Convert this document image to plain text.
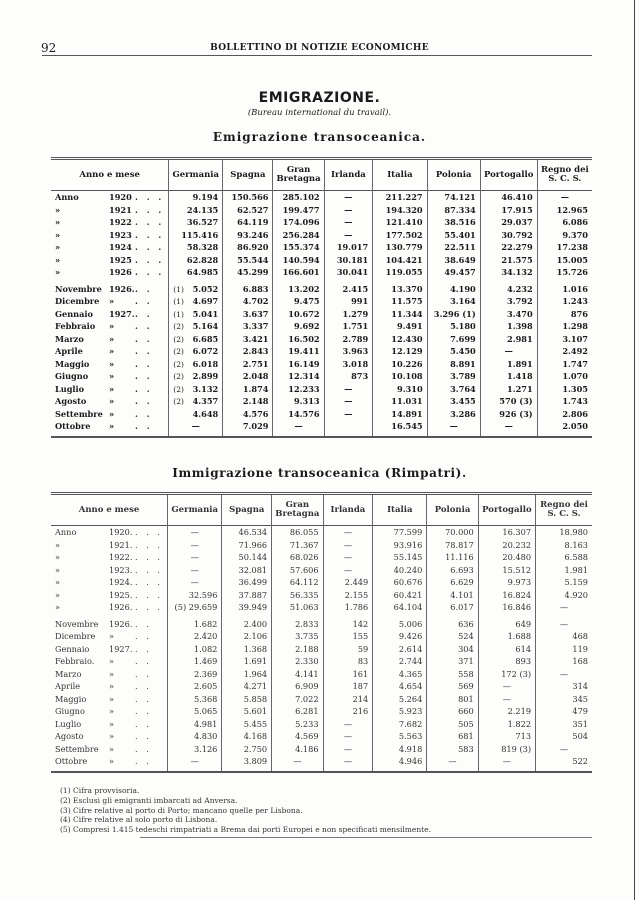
92	BOLLETTINO DI NOTIZIE ECONOMICHE
EMIGRAZIONE.
(Bureau international du travail).
Emigrazione transoceanica.
Anno e mese	Germania	Spagna	Gran Bretagna	Irlanda	Italia	Polonia	Portogallo	Regno dei S. C. S.
Anno 1920 . . .	9.194	150.566	285.102	—	211.227	74.121	46.410	—
» 1921 . . .	24.135	62.527	199.477	—	194.320	87.334	17.915	12.965
» 1922 . . .	36.527	64.119	174.096	—	121.410	38.516	29.037	6.086
» 1923 . . .	115.416	93.246	256.284	—	177.502	55.401	30.792	9.370
» 1924 . . .	58.328	86.920	155.374	19.017	130.779	22.511	22.279	17.238
» 1925 . . .	62.828	55.544	140.594	30.181	104.421	38.649	21.575	15.005
» 1926 . . .	64.985	45.299	166.601	30.041	119.055	49.457	34.132	15.726
Novembre 1926.. .	(1) 5.052	6.883	13.202	2.415	13.370	4.190	4.232	1.016
Dicembre » . .	(1) 4.697	4.702	9.475	991	11.575	3.164	3.792	1.243
Gennaio 1927.. .	(1) 5.041	3.637	10.672	1.279	11.344	3.296 (1)	3.470	876
Febbraio » . .	(2) 5.164	3.337	9.692	1.751	9.491	5.180	1.398	1.298
Marzo » . .	(2) 6.685	3.421	16.502	2.789	12.430	7.699	2.981	3.107
Aprile » . .	(2) 6.072	2.843	19.411	3.963	12.129	5.450	—	2.492
Maggio » . .	(2) 6.018	2.751	16.149	3.018	10.226	8.891	1.891	1.747
Giugno » . .	(2) 2.899	2.048	12.314	873	10.108	3.789	1.418	1.070
Luglio » . .	(2) 3.132	1.874	12.233	—	9.310	3.764	1.271	1.305
Agosto » . .	(2) 4.357	2.148	9.313	—	11.031	3.455	570 (3)	1.743
Settembre » . .	4.648	4.576	14.576	—	14.891	3.286	926 (3)	2.806
Ottobre » . .	—	7.029	—		16.545	—	—	2.050

Immigrazione transoceanica (Rimpatri).
Anno e mese	Germania	Spagna	Gran Bretagna	Irlanda	Italia	Polonia	Portogallo	Regno dei S. C. S.
Anno 1920. . . .	—	46.534	86.055	—	77.599	70.000	16.307	18.980
» 1921. . . .	—	71.966	71.367	—	93.916	78.817	20.232	8.163
» 1922. . . .	—	50.144	68.026	—	55.145	11.116	20.480	6.588
» 1923. . . .	—	32.081	57.606	—	40.240	6.693	15.512	1.981
» 1924. . . .	—	36.499	64.112	2.449	60.676	6.629	9.973	5.159
» 1925. . . .	32.596	37.887	56.335	2.155	60.421	4.101	16.824	4.920
» 1926. . . .	(5) 29.659	39.949	51.063	1.786	64.104	6.017	16.846	—
Novembre 1926. . .	1.682	2.400	2.833	142	5.006	636	649	—
Dicembre » . .	2.420	2.106	3.735	155	9.426	524	1.688	468
Gennaio 1927. . .	1.082	1.368	2.188	59	2.614	304	614	119
Febbraio. » . .	1.469	1.691	2.330	83	2.744	371	893	168
Marzo » . .	2.369	1.964	4.141	161	4.365	558	172 (3)	—
Aprile » . .	2.605	4.271	6.909	187	4.654	569	—	314
Maggio » . .	5.368	5.858	7.022	214	5.264	801	—	345
Giugno » . .	5.065	5.601	6.281	216	5.923	660	2.219	479
Luglio » . .	4.981	5.455	5.233	—	7.682	505	1.822	351
Agosto » . .	4.830	4.168	4.569	—	5.563	681	713	504
Settembre » . .	3.126	2.750	4.186	—	4.918	583	819 (3)	—
Ottobre » . .	—	3.809	—	—	4.946	—	—	522

(1) Cifra provvisoria.
(2) Esclusi gli emigranti imbarcati ad Anversa.
(3) Cifre relative al porto di Porto; mancano quelle per Lisbona.
(4) Cifre relative al solo porto di Lisbona.
(5) Compresi 1.415 tedeschi rimpatriati a Brema dai porti Europei e non specificati mensilmente.
